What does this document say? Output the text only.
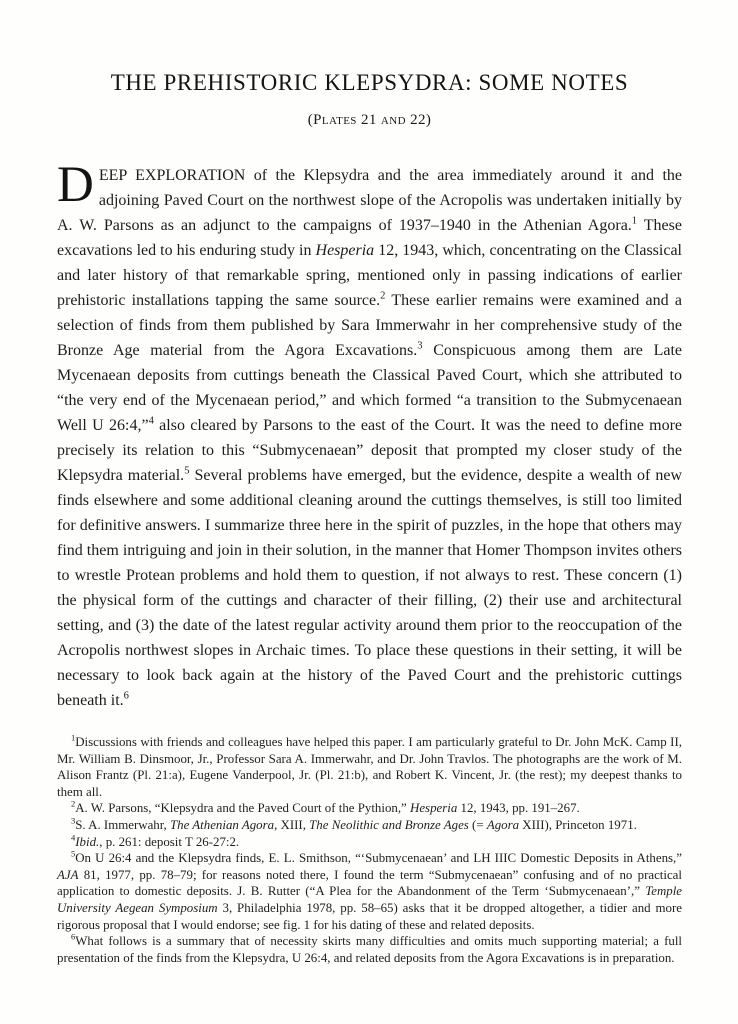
THE PREHISTORIC KLEPSYDRA: SOME NOTES
(Plates 21 and 22)

DEEP EXPLORATION of the Klepsydra and the area immediately around it and the adjoining Paved Court on the northwest slope of the Acropolis was undertaken initially by A. W. Parsons as an adjunct to the campaigns of 1937–1940 in the Athenian Agora.$^1$ These excavations led to his enduring study in Hesperia 12, 1943, which, concentrating on the Classical and later history of that remarkable spring, mentioned only in passing indications of earlier prehistoric installations tapping the same source.$^2$ These earlier remains were examined and a selection of finds from them published by Sara Immerwahr in her comprehensive study of the Bronze Age material from the Agora Excavations.$^3$ Conspicuous among them are Late Mycenaean deposits from cuttings beneath the Classical Paved Court, which she attributed to “the very end of the Mycenaean period,” and which formed “a transition to the Submycenaean Well U 26:4,”$^4$ also cleared by Parsons to the east of the Court. It was the need to define more precisely its relation to this “Submycenaean” deposit that prompted my closer study of the Klepsydra material.$^5$ Several problems have emerged, but the evidence, despite a wealth of new finds elsewhere and some additional cleaning around the cuttings themselves, is still too limited for definitive answers. I summarize three here in the spirit of puzzles, in the hope that others may find them intriguing and join in their solution, in the manner that Homer Thompson invites others to wrestle Protean problems and hold them to question, if not always to rest. These concern (1) the physical form of the cuttings and character of their filling, (2) their use and architectural setting, and (3) the date of the latest regular activity around them prior to the reoccupation of the Acropolis northwest slopes in Archaic times. To place these questions in their setting, it will be necessary to look back again at the history of the Paved Court and the prehistoric cuttings beneath it.$^6$

$^1$Discussions with friends and colleagues have helped this paper. I am particularly grateful to Dr. John McK. Camp II, Mr. William B. Dinsmoor, Jr., Professor Sara A. Immerwahr, and Dr. John Travlos. The photographs are the work of M. Alison Frantz (Pl. 21:a), Eugene Vanderpool, Jr. (Pl. 21:b), and Robert K. Vincent, Jr. (the rest); my deepest thanks to them all.

$^2$A. W. Parsons, “Klepsydra and the Paved Court of the Pythion,” Hesperia 12, 1943, pp. 191–267.

$^3$S. A. Immerwahr, The Athenian Agora, XIII, The Neolithic and Bronze Ages (= Agora XIII), Princeton 1971.

$^4$Ibid., p. 261: deposit T 26-27:2.

$^5$On U 26:4 and the Klepsydra finds, E. L. Smithson, “‘Submycenaean’ and LH IIIC Domestic Deposits in Athens,” AJA 81, 1977, pp. 78–79; for reasons noted there, I found the term “Submycenaean” confusing and of no practical application to domestic deposits. J. B. Rutter (“A Plea for the Abandonment of the Term ‘Submycenaean’,” Temple University Aegean Symposium 3, Philadelphia 1978, pp. 58–65) asks that it be dropped altogether, a tidier and more rigorous proposal that I would endorse; see fig. 1 for his dating of these and related deposits.

$^6$What follows is a summary that of necessity skirts many difficulties and omits much supporting material; a full presentation of the finds from the Klepsydra, U 26:4, and related deposits from the Agora Excavations is in preparation.
